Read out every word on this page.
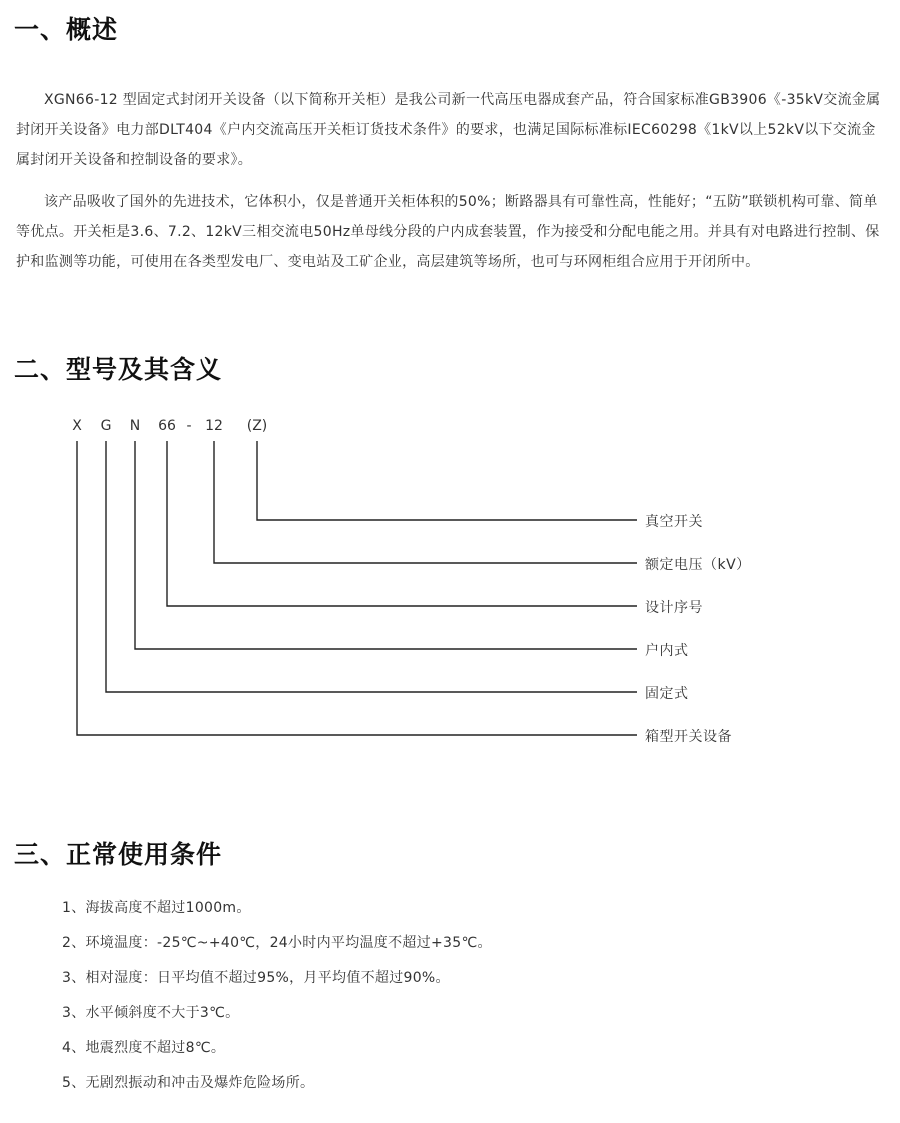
一、概述

XGN66-12 型固定式封闭开关设备（以下简称开关柜）是我公司新一代高压电器成套产品，符合国家标准GB3906《-35kV交流金属封闭开关设备》电力部DLT404《户内交流高压开关柜订货技术条件》的要求，也满足国际标准标IEC60298《1kV以上52kV以下交流金属封闭开关设备和控制设备的要求》。

该产品吸收了国外的先进技术，它体积小，仅是普通开关柜体积的50%；断路器具有可靠性高，性能好；“五防”联锁机构可靠、简单等优点。开关柜是3.6、7.2、12kV三相交流电50Hz单母线分段的户内成套装置，作为接受和分配电能之用。并具有对电路进行控制、保护和监测等功能，可使用在各类型发电厂、变电站及工矿企业，高层建筑等场所，也可与环网柜组合应用于开闭所中。

二、型号及其含义
X G N 66 - 12 (Z)
真空开关
额定电压（kV）
设计序号
户内式
固定式
箱型开关设备
三、正常使用条件

1、海拔高度不超过1000m。

2、环境温度：-25℃~+40℃，24小时内平均温度不超过+35℃。

3、相对湿度：日平均值不超过95%，月平均值不超过90%。

3、水平倾斜度不大于3℃。

4、地震烈度不超过8℃。

5、无剧烈振动和冲击及爆炸危险场所。
